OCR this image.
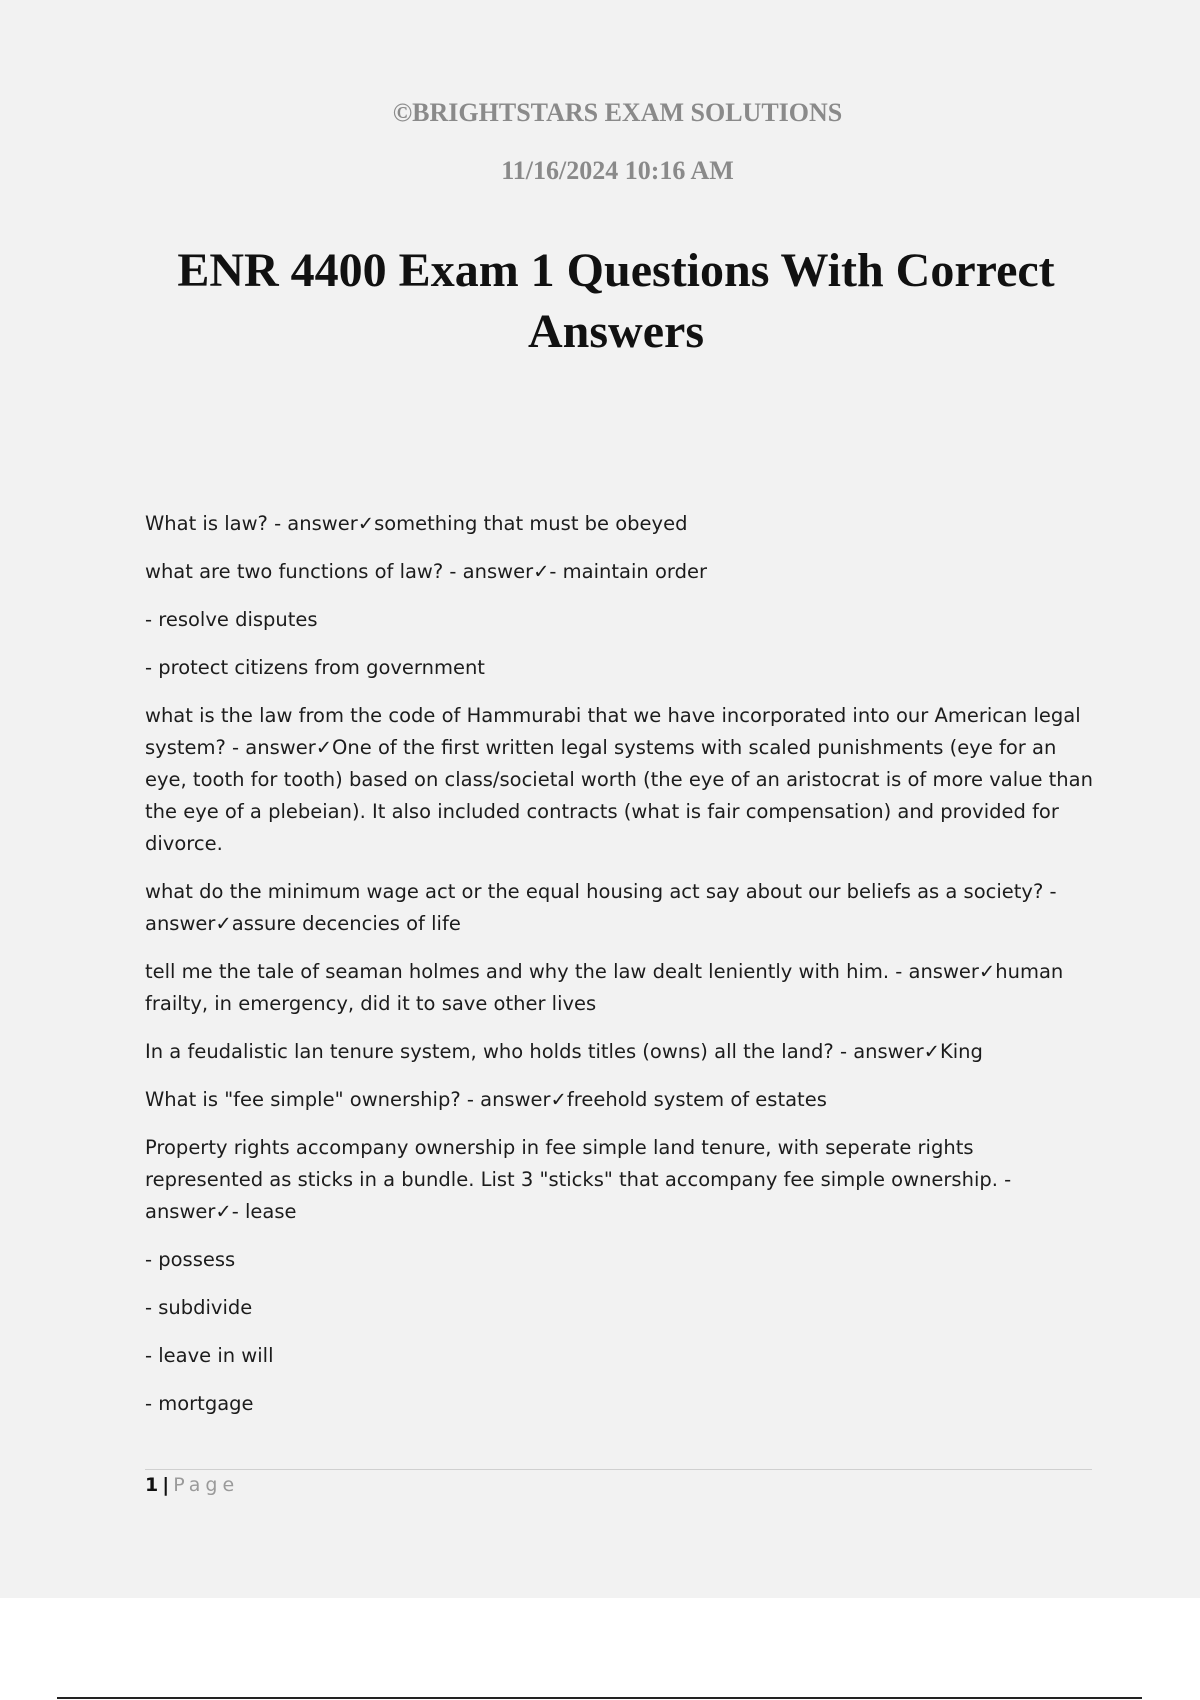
©BRIGHTSTARS EXAM SOLUTIONS

11/16/2024 10:16 AM

ENR 4400 Exam 1 Questions With Correct Answers
What is law? - answer✓something that must be obeyed
what are two functions of law? - answer✓- maintain order
- resolve disputes
- protect citizens from government
what is the law from the code of Hammurabi that we have incorporated into our American legal system? - answer✓One of the first written legal systems with scaled punishments (eye for an eye, tooth for tooth) based on class/societal worth (the eye of an aristocrat is of more value than the eye of a plebeian). It also included contracts (what is fair compensation) and provided for divorce.
what do the minimum wage act or the equal housing act say about our beliefs as a society? - answer✓assure decencies of life
tell me the tale of seaman holmes and why the law dealt leniently with him. - answer✓human frailty, in emergency, did it to save other lives
In a feudalistic lan tenure system, who holds titles (owns) all the land? - answer✓King
What is "fee simple" ownership? - answer✓freehold system of estates
Property rights accompany ownership in fee simple land tenure, with seperate rights represented as sticks in a bundle. List 3 "sticks" that accompany fee simple ownership. - answer✓- lease
- possess
- subdivide
- leave in will
- mortgage
1 | Page
